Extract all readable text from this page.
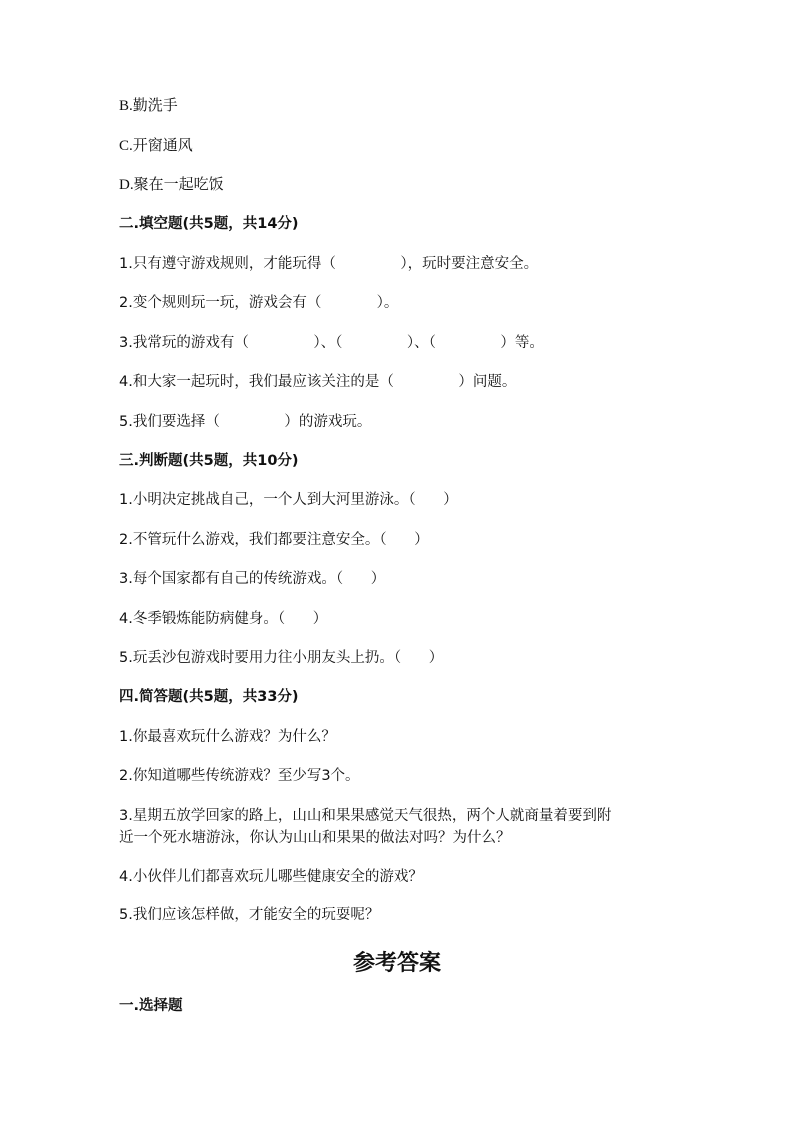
B.勤洗手
C.开窗通风
D.聚在一起吃饭
二.填空题(共5题，共14分)
1.只有遵守游戏规则，才能玩得（              ），玩时要注意安全。
2.变个规则玩一玩，游戏会有（            ）。
3.我常玩的游戏有（              ）、（              ）、（              ）等。
4.和大家一起玩时，我们最应该关注的是（              ）问题。
5.我们要选择（              ）的游戏玩。
三.判断题(共5题，共10分)
1.小明决定挑战自己，一个人到大河里游泳。（      ）
2.不管玩什么游戏，我们都要注意安全。（      ）
3.每个国家都有自己的传统游戏。（      ）
4.冬季锻炼能防病健身。（      ）
5.玩丢沙包游戏时要用力往小朋友头上扔。（      ）
四.简答题(共5题，共33分)
1.你最喜欢玩什么游戏？为什么？
2.你知道哪些传统游戏？至少写3个。
3.星期五放学回家的路上，山山和果果感觉天气很热，两个人就商量着要到附
近一个死水塘游泳，你认为山山和果果的做法对吗？为什么？
4.小伙伴儿们都喜欢玩儿哪些健康安全的游戏？
5.我们应该怎样做，才能安全的玩耍呢？
参考答案
一.选择题
